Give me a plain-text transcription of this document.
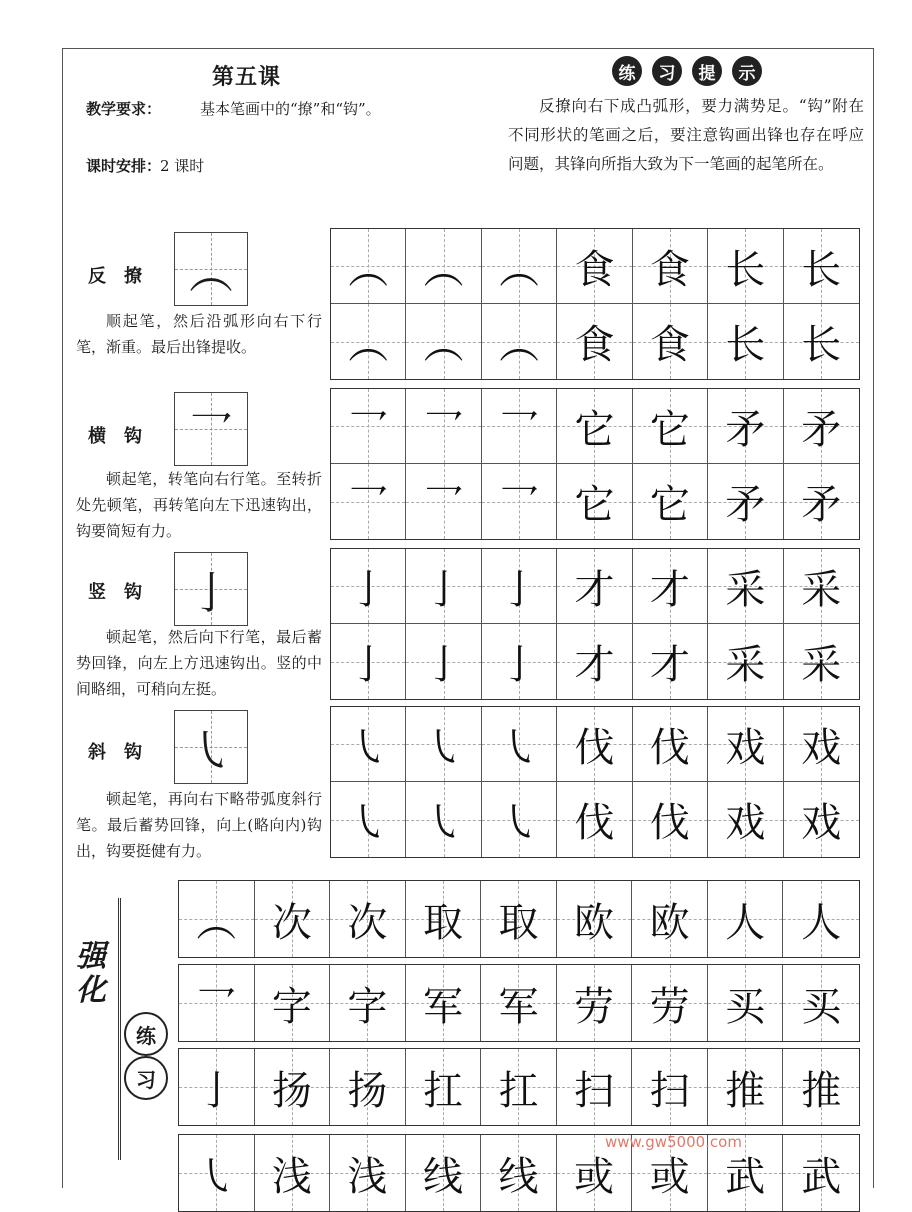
第五课
教学要求：	基本笔画中的“撩”和“钩”。
课时安排：
2 课时
练	习	提	示
反撩向右下成凸弧形，要力满势足。“钩”附在不同形状的笔画之后，要注意钩画出锋也存在呼应问题，其锋向所指大致为下一笔画的起笔所在。
反撩 ︵
顺起笔，然后沿弧形向右下行笔，渐重。最后出锋提收。
︵ ︵ ︵ 食 食 长 长
︵ ︵ ︵ 食 食 长 长
横钩 乛
顿起笔，转笔向右行笔。至转折处先顿笔，再转笔向左下迅速钩出，钩要简短有力。
乛 乛 乛 它 它 矛 矛
乛 乛 乛 它 它 矛 矛
竖钩 亅
顿起笔，然后向下行笔，最后蓄势回锋，向左上方迅速钩出。竖的中间略细，可稍向左挺。
亅 亅 亅 才 才 采 采
亅 亅 亅 才 才 采 采
斜钩 ㇂
顿起笔，再向右下略带弧度斜行笔。最后蓄势回锋，向上(略向内)钩出，钩要挺健有力。
㇂ ㇂ ㇂ 伐 伐 戏 戏
㇂ ㇂ ㇂ 伐 伐 戏 戏
强化
练
习
︵ 次 次 取 取 欧 欧 人 人
乛 字 字 军 军 劳 劳 买 买
亅 扬 扬 扛 扛 扫 扫 推 推
㇂ 浅 浅 线 线 或 或 武 武
www.gw5000.com
